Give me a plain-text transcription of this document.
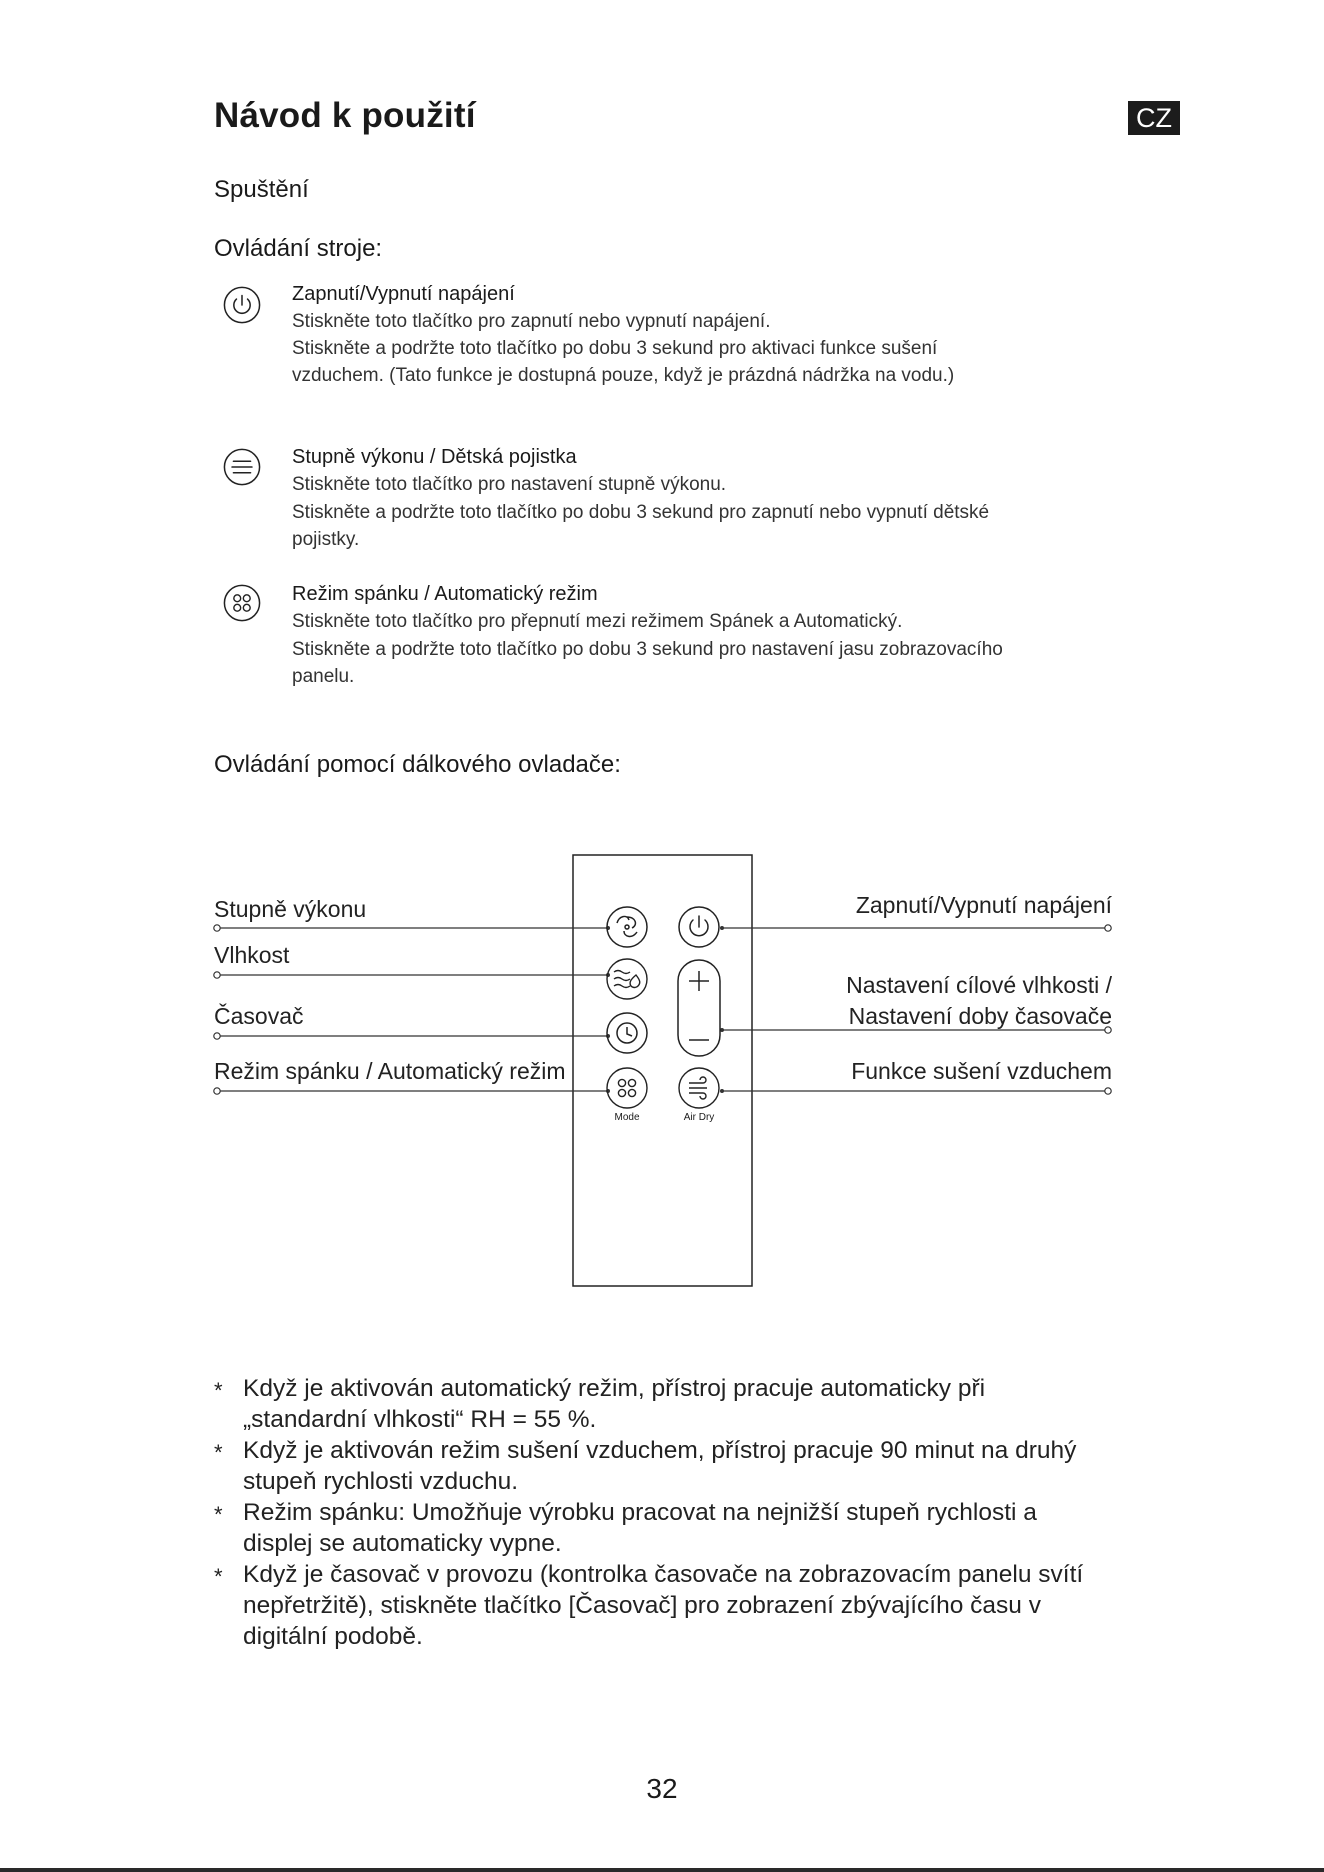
Návod k použití	CZ
Spuštění
Ovládání stroje:
Zapnutí/Vypnutí napájení
Stiskněte toto tlačítko pro zapnutí nebo vypnutí napájení.
Stiskněte a podržte toto tlačítko po dobu 3 sekund pro aktivaci funkce sušení
vzduchem. (Tato funkce je dostupná pouze, když je prázdná nádržka na vodu.)
Stupně výkonu / Dětská pojistka
Stiskněte toto tlačítko pro nastavení stupně výkonu.
Stiskněte a podržte toto tlačítko po dobu 3 sekund pro zapnutí nebo vypnutí dětské
pojistky.
Režim spánku / Automatický režim
Stiskněte toto tlačítko pro přepnutí mezi režimem Spánek a Automatický.
Stiskněte a podržte toto tlačítko po dobu 3 sekund pro nastavení jasu zobrazovacího
panelu.
Ovládání pomocí dálkového ovladače:
Mode	Air Dry
Stupně výkonu
Vlhkost
Časovač
Režim spánku / Automatický režim
Zapnutí/Vypnutí napájení
Nastavení cílové vlhkosti /
Nastavení doby časovače
Funkce sušení vzduchem
* Když je aktivován automatický režim, přístroj pracuje automaticky při
„standardní vlhkosti“ RH = 55 %.
* Když je aktivován režim sušení vzduchem, přístroj pracuje 90 minut na druhý
stupeň rychlosti vzduchu.
* Režim spánku: Umožňuje výrobku pracovat na nejnižší stupeň rychlosti a
displej se automaticky vypne.
* Když je časovač v provozu (kontrolka časovače na zobrazovacím panelu svítí
nepřetržitě), stiskněte tlačítko [Časovač] pro zobrazení zbývajícího času v
digitální podobě.
32
